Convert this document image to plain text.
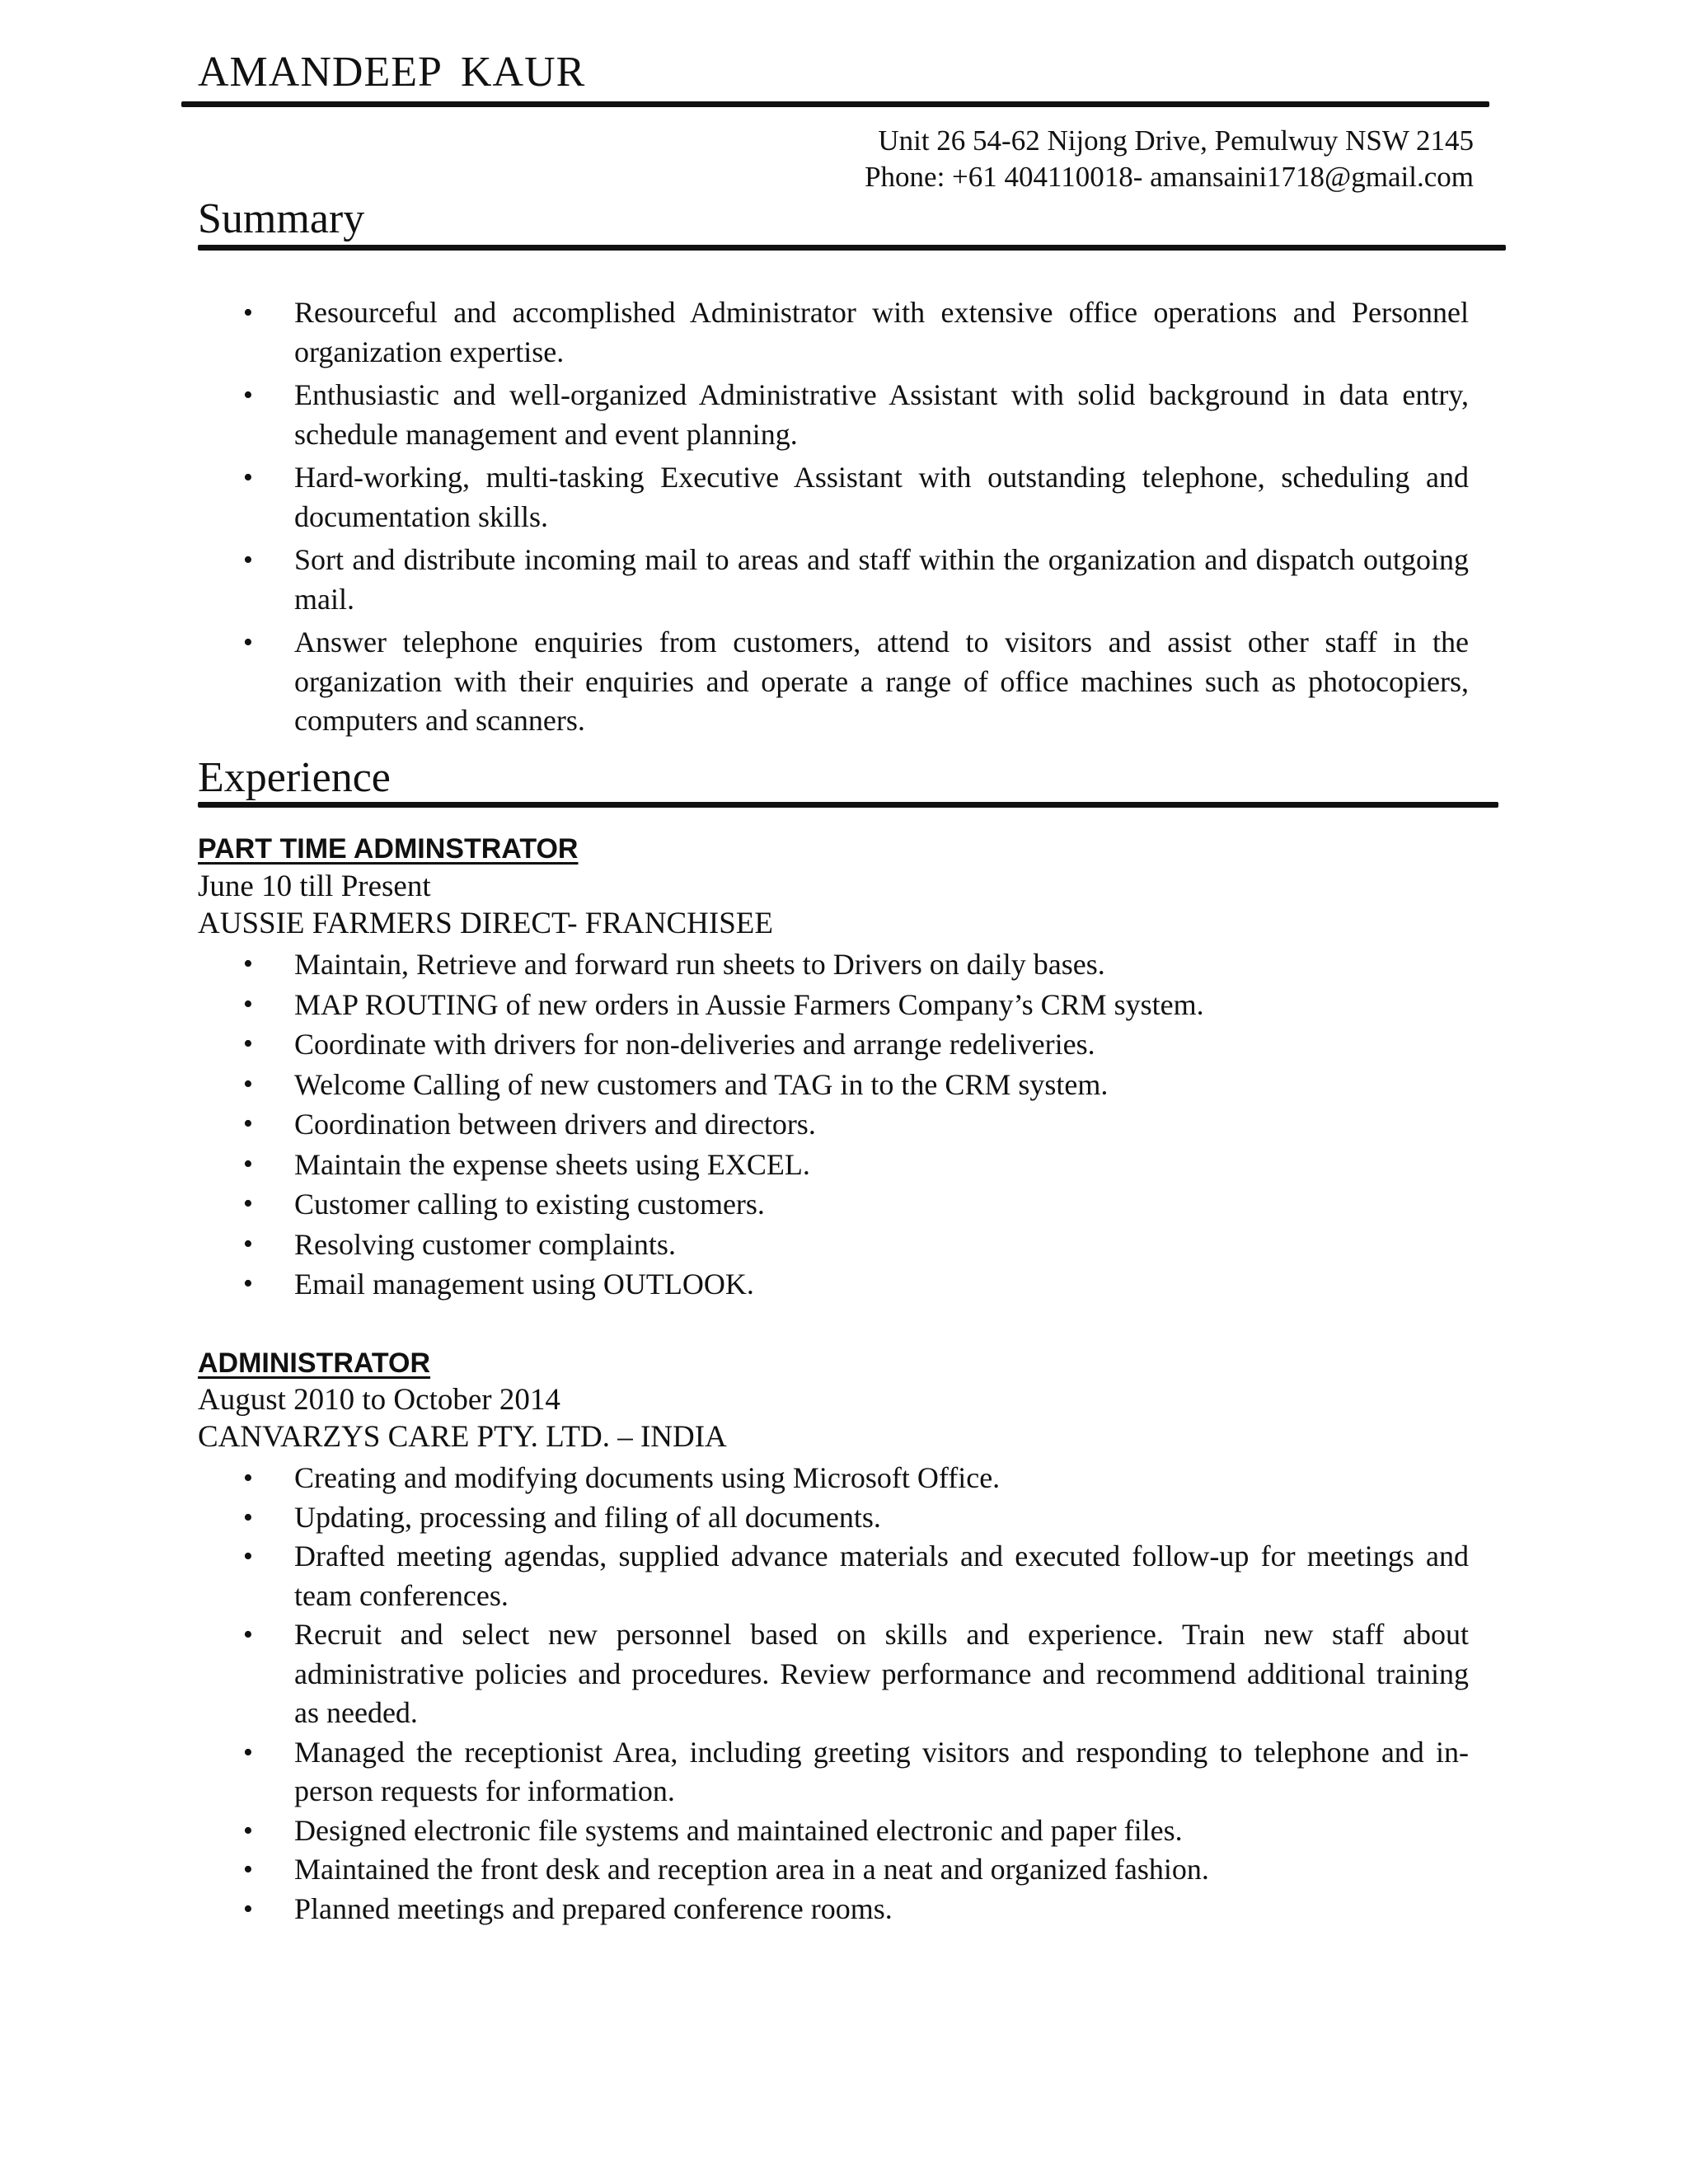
AMANDEEP KAUR
Unit 26 54-62 Nijong Drive, Pemulwuy NSW 2145
Phone: +61 404110018- amansaini1718@gmail.com
Summary
• Resourceful and accomplished Administrator with extensive office operations and Personnel organization expertise.
• Enthusiastic and well-organized Administrative Assistant with solid background in data entry, schedule management and event planning.
• Hard-working, multi-tasking Executive Assistant with outstanding telephone, scheduling and documentation skills.
• Sort and distribute incoming mail to areas and staff within the organization and dispatch outgoing mail.
• Answer telephone enquiries from customers, attend to visitors and assist other staff in the organization with their enquiries and operate a range of office machines such as photocopiers, computers and scanners.
Experience
PART TIME ADMINSTRATOR
June 10 till Present
AUSSIE FARMERS DIRECT- FRANCHISEE
• Maintain, Retrieve and forward run sheets to Drivers on daily bases.
• MAP ROUTING of new orders in Aussie Farmers Company’s CRM system.
• Coordinate with drivers for non-deliveries and arrange redeliveries.
• Welcome Calling of new customers and TAG in to the CRM system.
• Coordination between drivers and directors.
• Maintain the expense sheets using EXCEL.
• Customer calling to existing customers.
• Resolving customer complaints.
• Email management using OUTLOOK.
ADMINISTRATOR
August 2010 to October 2014
CANVARZYS CARE PTY. LTD. – INDIA
• Creating and modifying documents using Microsoft Office.
• Updating, processing and filing of all documents.
• Drafted meeting agendas, supplied advance materials and executed follow-up for meetings and team conferences.
• Recruit and select new personnel based on skills and experience. Train new staff about administrative policies and procedures. Review performance and recommend additional training as needed.
• Managed the receptionist Area, including greeting visitors and responding to telephone and in-person requests for information.
• Designed electronic file systems and maintained electronic and paper files.
• Maintained the front desk and reception area in a neat and organized fashion.
• Planned meetings and prepared conference rooms.
